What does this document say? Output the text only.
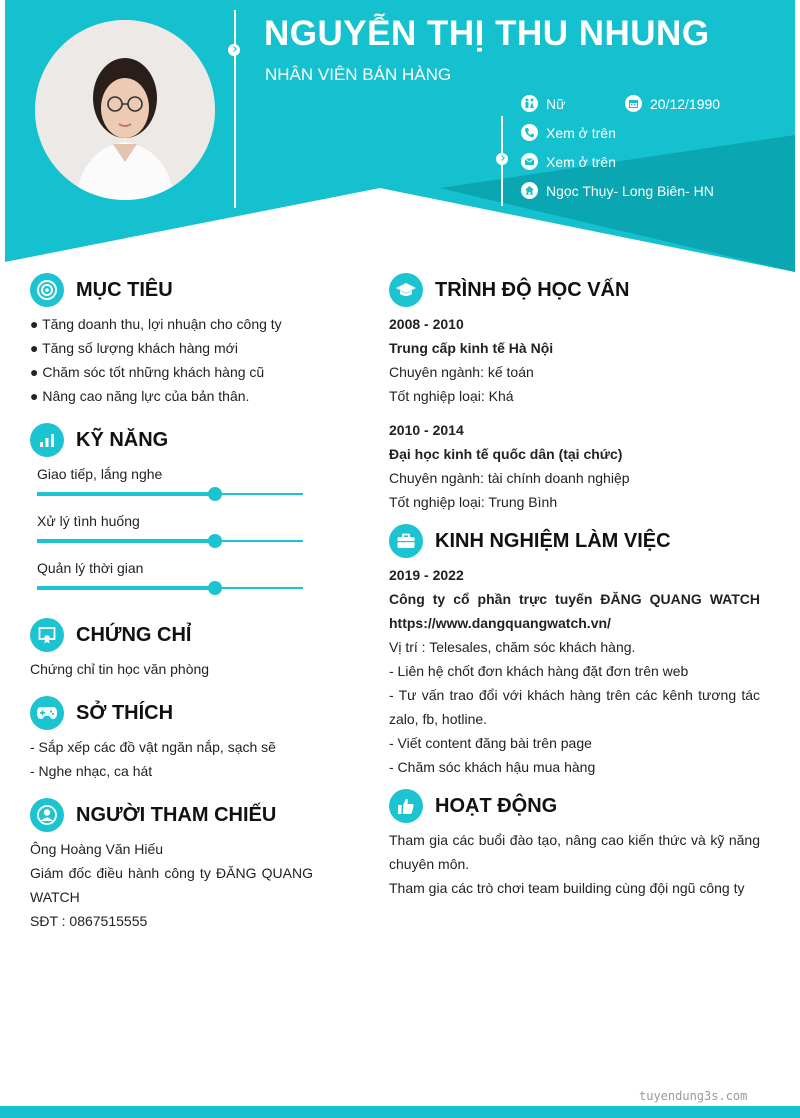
NGUYỄN THỊ THU NHUNG
NHÂN VIÊN BÁN HÀNG
Nữ	20/12/1990
Xem ở trên
Xem ở trên
Ngọc Thụy- Long Biên- HN
MỤC TIÊU
● Tăng doanh thu, lợi nhuận cho công ty
● Tăng số lượng khách hàng mới
● Chăm sóc tốt những khách hàng cũ
● Nâng cao năng lực của bản thân.
KỸ NĂNG
Giao tiếp, lắng nghe
Xử lý tình huống
Quản lý thời gian
CHỨNG CHỈ
Chứng chỉ tin học văn phòng
SỞ THÍCH
- Sắp xếp các đồ vật ngăn nắp, sạch sẽ
- Nghe nhạc, ca hát
NGƯỜI THAM CHIẾU
Ông Hoàng Văn Hiếu
Giám đốc điều hành công ty ĐĂNG QUANG
WATCH
SĐT : 0867515555
TRÌNH ĐỘ HỌC VẤN
2008 - 2010
Trung cấp kinh tế Hà Nội
Chuyên ngành: kế toán
Tốt nghiệp loại: Khá
2010 - 2014
Đại học kinh tế quốc dân (tại chức)
Chuyên ngành: tài chính doanh nghiệp
Tốt nghiệp loại: Trung Bình
KINH NGHIỆM LÀM VIỆC
2019 - 2022
Công ty cổ phần trực tuyến ĐĂNG QUANG WATCH
https://www.dangquangwatch.vn/
Vị trí : Telesales, chăm sóc khách hàng.
- Liên hệ chốt đơn khách hàng đặt đơn trên web
- Tư vấn trao đổi với khách hàng trên các kênh tương tác
zalo, fb, hotline.
- Viết content đăng bài trên page
- Chăm sóc khách hậu mua hàng
HOẠT ĐỘNG
Tham gia các buổi đào tạo, nâng cao kiến thức và kỹ năng
chuyên môn.
Tham gia các trò chơi team building cùng đội ngũ công ty
tuyendung3s.com
